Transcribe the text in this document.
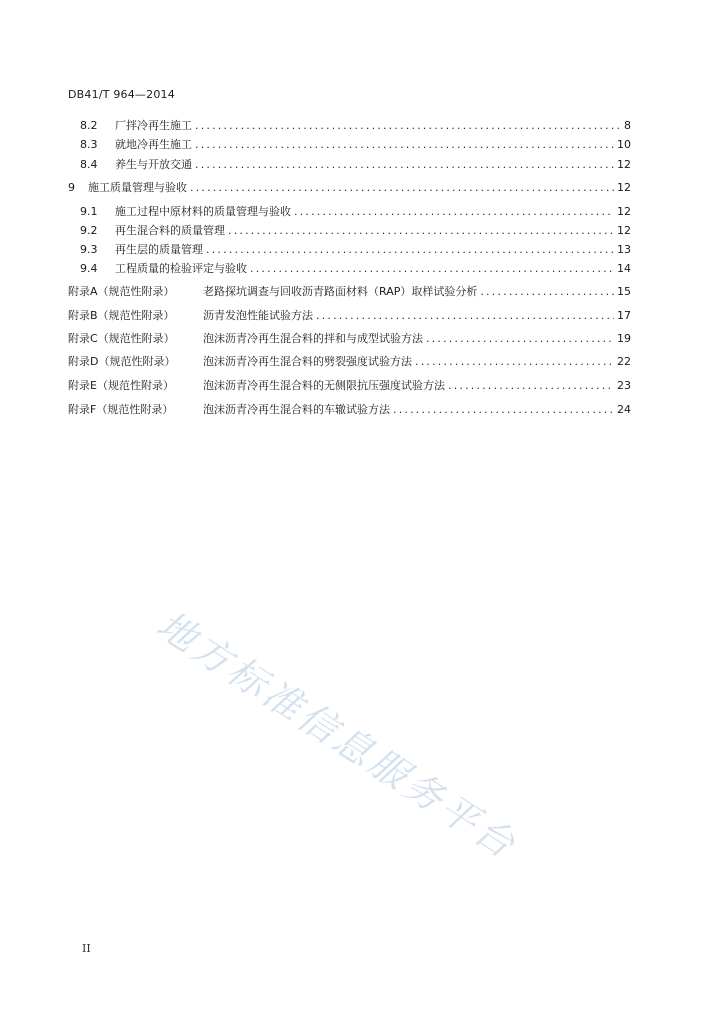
DB41/T 964—2014
8.2	厂拌冷再生施工 .....	8
8.3	就地冷再生施工 .....	10
8.4	养生与开放交通 .....	12
9	施工质量管理与验收 .....	12
9.1	施工过程中原材料的质量管理与验收 .....	12
9.2	再生混合料的质量管理 .....	12
9.3	再生层的质量管理 .....	13
9.4	工程质量的检验评定与验收 .....	14
附录A（规范性附录）	老路探坑调查与回收沥青路面材料（RAP）取样试验分析 .....	15
附录B（规范性附录）	沥青发泡性能试验方法 .....	17
附录C（规范性附录）	泡沫沥青冷再生混合料的拌和与成型试验方法 .....	19
附录D（规范性附录）	泡沫沥青冷再生混合料的劈裂强度试验方法 .....	22
附录E（规范性附录）	泡沫沥青冷再生混合料的无侧限抗压强度试验方法 .....	23
附录F（规范性附录）	泡沫沥青冷再生混合料的车辙试验方法 .....	24
地方标准信息服务平台
II
